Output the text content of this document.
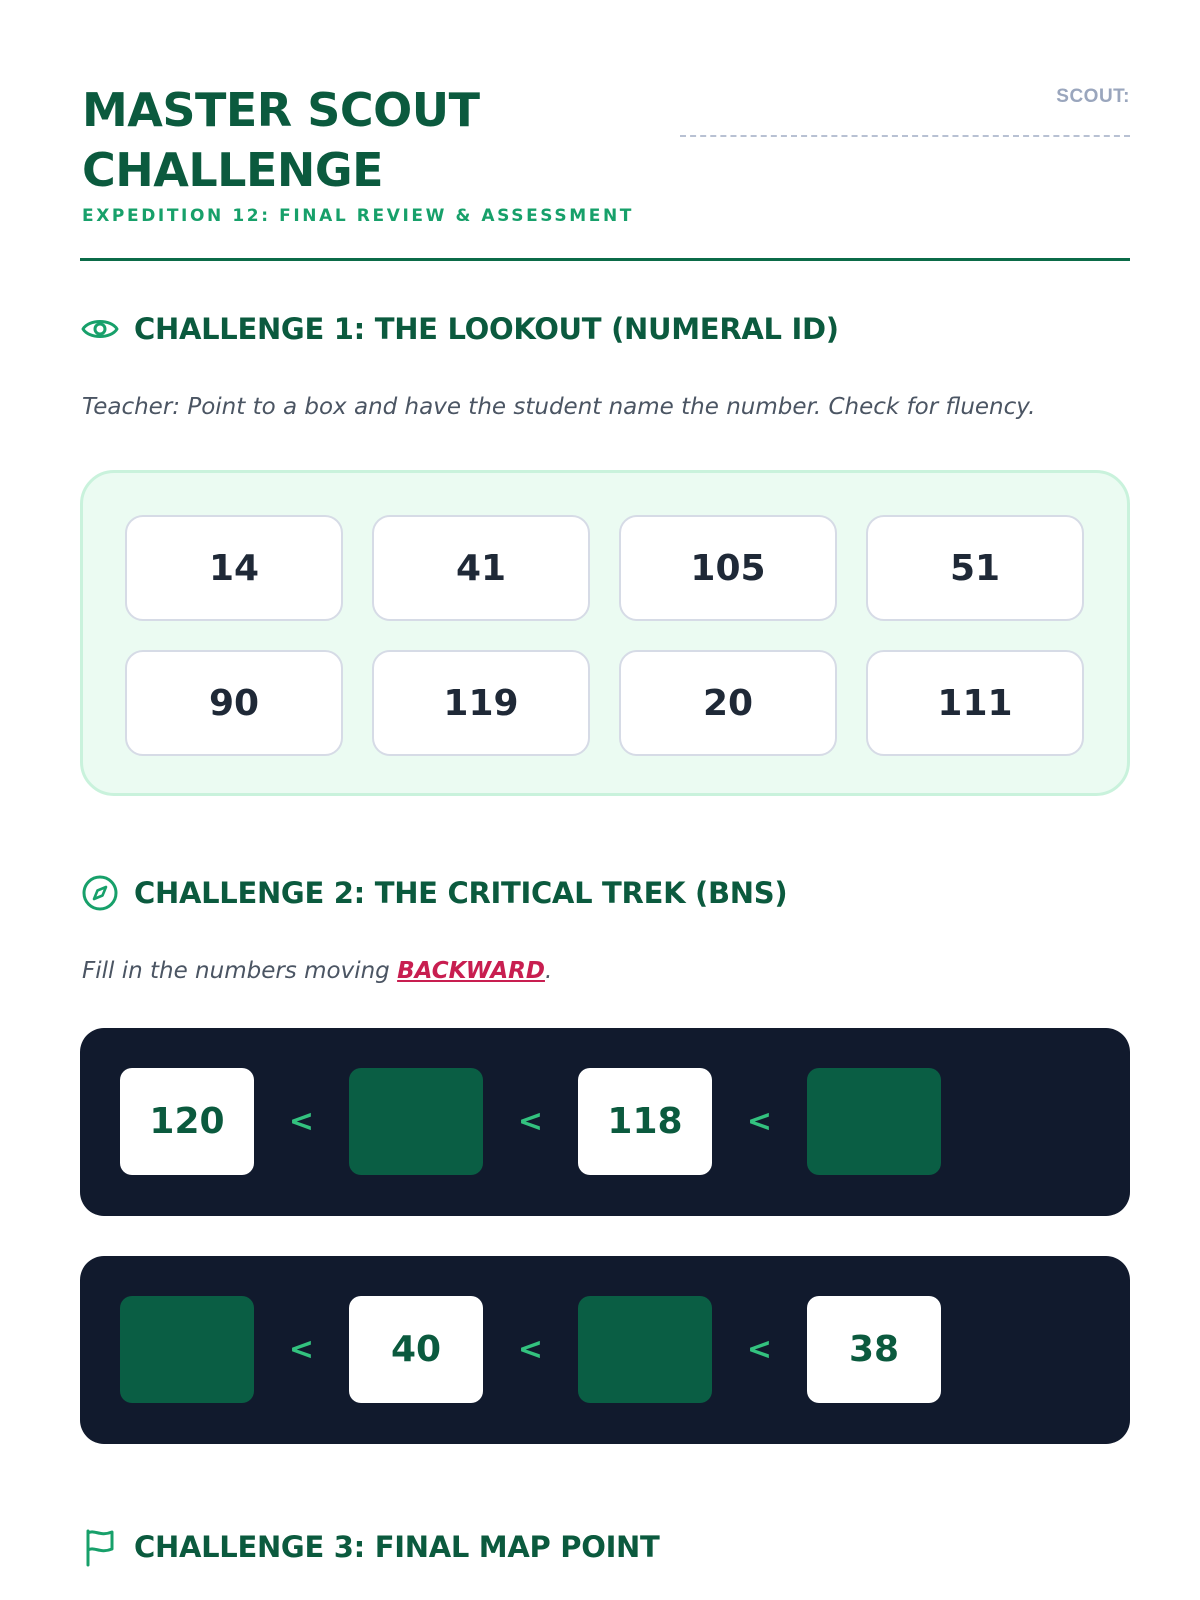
MASTER SCOUT
CHALLENGE
EXPEDITION 12: FINAL REVIEW & ASSESSMENT
SCOUT:
CHALLENGE 1: THE LOOKOUT (NUMERAL ID)
Teacher: Point to a box and have the student name the number. Check for fluency.
14	41	105	51
90	119	20	111
CHALLENGE 2: THE CRITICAL TREK (BNS)
Fill in the numbers moving BACKWARD.
120	<	<	118	<
<	40	<	<	38
CHALLENGE 3: FINAL MAP POINT
